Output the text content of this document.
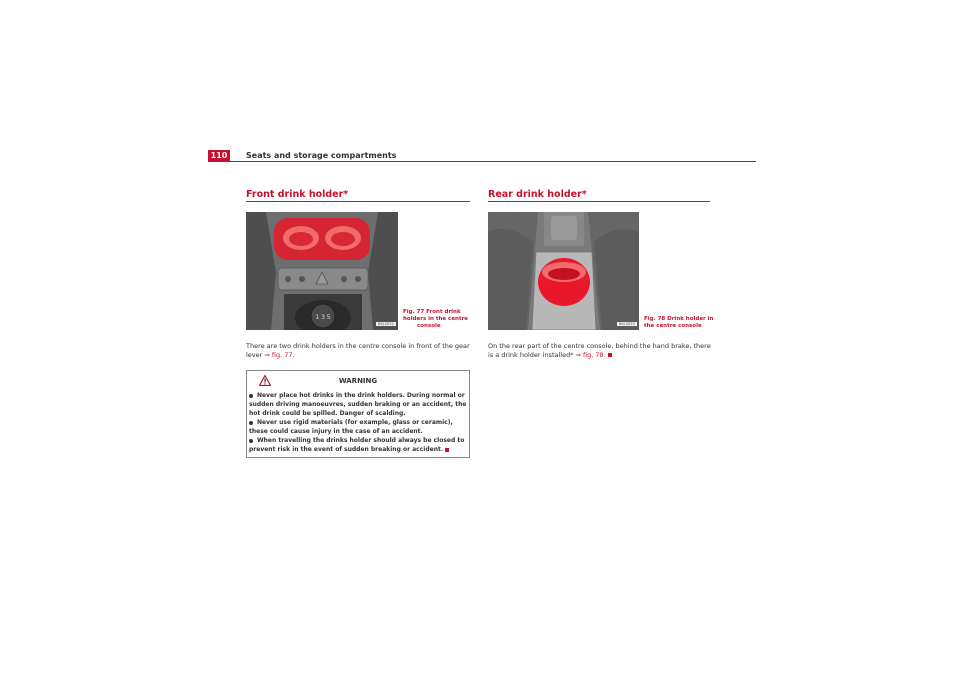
110	Seats and storage compartments
Front drink holder*
1 3 5
B6J-0032
Fig. 77 Front drink
holders in the centre
console
There are two drink holders in the centre console in front of the gear lever ⇒ fig. 77.
WARNING
Never place hot drinks in the drink holders. During normal or sudden driving manoeuvres, sudden braking or an accident, the hot drink could be spilled. Danger of scalding.
Never use rigid materials (for example, glass or ceramic), these could cause injury in the case of an accident.
When travelling the drinks holder should always be closed to prevent risk in the event of sudden breaking or accident.
Rear drink holder*
B6J-0033
Fig. 78 Drink holder in
the centre console
On the rear part of the centre console, behind the hand brake, there is a drink holder installed* ⇒ fig. 78.
